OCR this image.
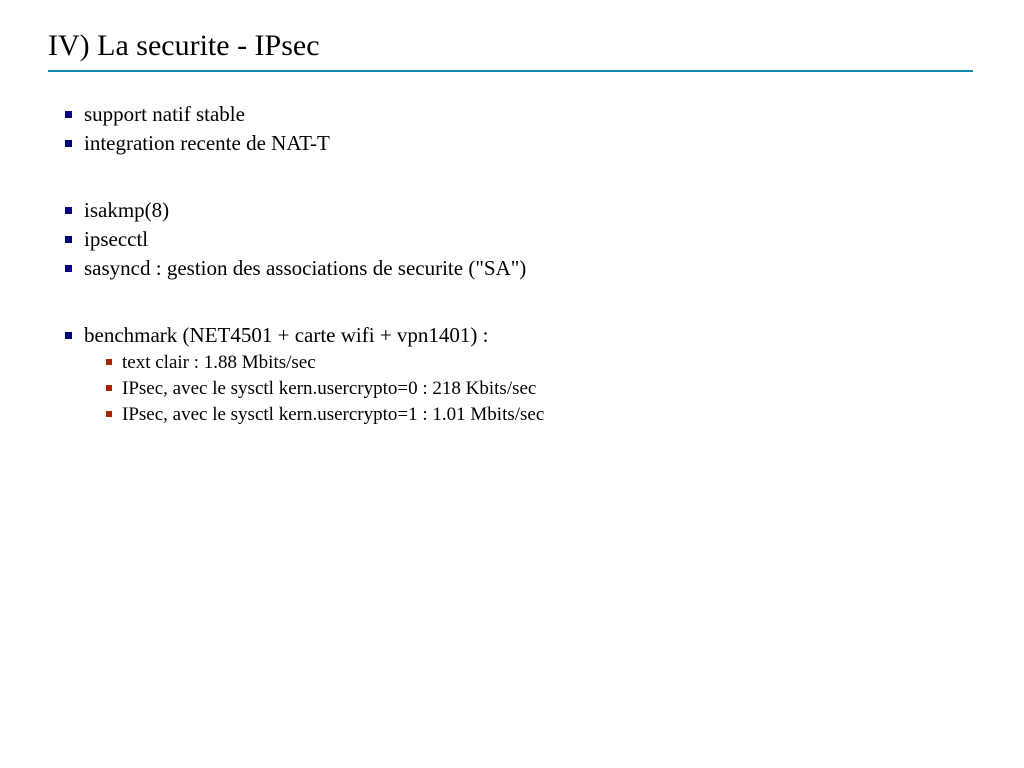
IV) La securite - IPsec
support natif stable
integration recente de NAT-T
isakmp(8)
ipsecctl
sasyncd : gestion des associations de securite ("SA")
benchmark (NET4501 + carte wifi + vpn1401) :
text clair : 1.88 Mbits/sec
IPsec, avec le sysctl kern.usercrypto=0 : 218 Kbits/sec
IPsec, avec le sysctl kern.usercrypto=1 : 1.01 Mbits/sec
